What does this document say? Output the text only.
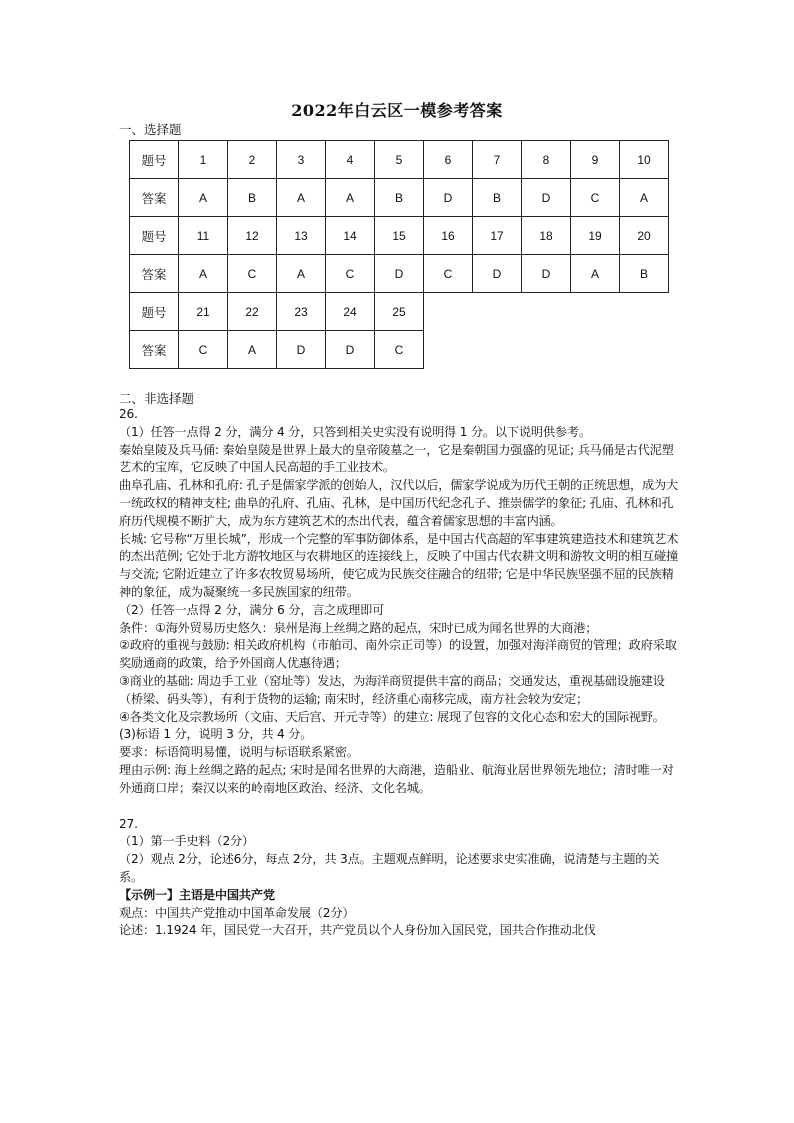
2022年白云区一模参考答案
一、选择题
题号	1	2	3	4	5	6	7	8	9	10
答案	A	B	A	A	B	D	B	D	C	A
题号	11	12	13	14	15	16	17	18	19	20
答案	A	C	A	C	D	C	D	D	A	B
题号	21	22	23	24	25					
答案	C	A	D	D	C					
二、非选择题

26.

（1）任答一点得 2 分，满分 4 分，只答到相关史实没有说明得 1 分。以下说明供参考。

秦始皇陵及兵马俑: 秦始皇陵是世界上最大的皇帝陵墓之一，它是秦朝国力强盛的见证; 兵马俑是古代泥塑艺术的宝库，它反映了中国人民高超的手工业技术。

曲阜孔庙、孔林和孔府: 孔子是儒家学派的创始人，汉代以后，儒家学说成为历代王朝的正统思想，成为大一统政权的精神支柱; 曲阜的孔府、孔庙、孔林，是中国历代纪念孔子、推崇儒学的象征; 孔庙、孔林和孔府历代规模不断扩大，成为东方建筑艺术的杰出代表，蕴含着儒家思想的丰富内涵。

长城: 它号称“万里长城”，形成一个完整的军事防御体系，是中国古代高超的军事建筑建造技术和建筑艺术的杰出范例; 它处于北方游牧地区与农耕地区的连接线上，反映了中国古代农耕文明和游牧文明的相互碰撞与交流; 它附近建立了许多农牧贸易场所，使它成为民族交往融合的纽带; 它是中华民族坚强不屈的民族精神的象征，成为凝聚统一多民族国家的纽带。

（2）任答一点得 2 分，满分 6 分，言之成理即可

条件：①海外贸易历史悠久：泉州是海上丝绸之路的起点，宋时已成为闻名世界的大商港；

②政府的重视与鼓励: 相关政府机构（市舶司、南外宗正司等）的设置，加强对海洋商贸的管理；政府采取奖励通商的政策，给予外国商人优惠待遇；

③商业的基础: 周边手工业（窑址等）发达，为海洋商贸提供丰富的商品；交通发达，重视基础设施建设（桥梁、码头等），有利于货物的运输; 南宋时，经济重心南移完成，南方社会较为安定；

④各类文化及宗教场所（文庙、天后宫、开元寺等）的建立: 展现了包容的文化心态和宏大的国际视野。

(3)标语 1 分，说明 3 分，共 4 分。

要求：标语简明易懂，说明与标语联系紧密。

理由示例: 海上丝绸之路的起点; 宋时是闻名世界的大商港，造船业、航海业居世界领先地位；清时唯一对外通商口岸；秦汉以来的岭南地区政治、经济、文化名城。

27.

（1）第一手史料（2分）

（2）观点 2分，论述6分，每点 2分，共 3点。主题观点鲜明，论述要求史实准确，说清楚与主题的关系。

【示例一】主语是中国共产党

观点：中国共产党推动中国革命发展（2分）

论述：1.1924 年，国民党一大召开，共产党员以个人身份加入国民党，国共合作推动北伐
